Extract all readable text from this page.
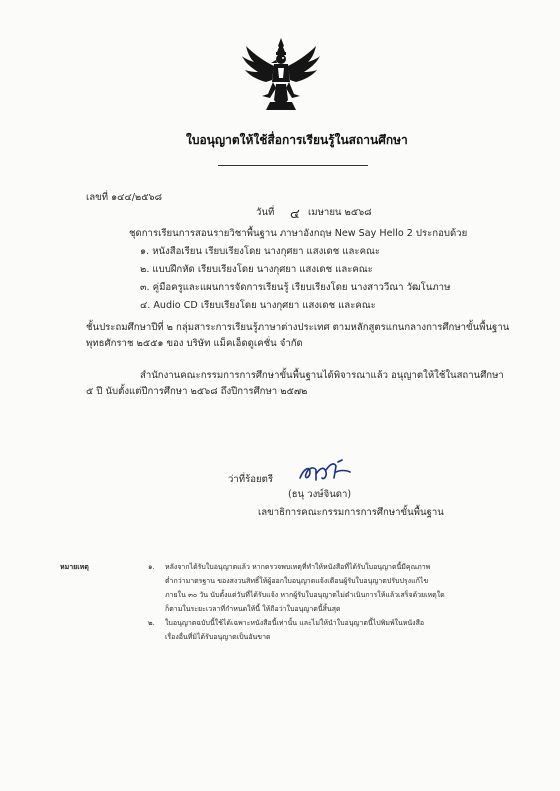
ใบอนุญาตให้ใช้สื่อการเรียนรู้ในสถานศึกษา
เลขที่ ๑๔๔/๒๕๖๘
วันที่ ๔ เมษายน ๒๕๖๘
ชุดการเรียนการสอนรายวิชาพื้นฐาน ภาษาอังกฤษ New Say Hello 2 ประกอบด้วย
๑. หนังสือเรียน เรียบเรียงโดย นางกุศยา แสงเดช และคณะ
๒. แบบฝึกหัด เรียบเรียงโดย นางกุศยา แสงเดช และคณะ
๓. คู่มือครูและแผนการจัดการเรียนรู้ เรียบเรียงโดย นางสาววีณา วัฒโนภาษ
๔. Audio CD เรียบเรียงโดย นางกุศยา แสงเดช และคณะ
ชั้นประถมศึกษาปีที่ ๒ กลุ่มสาระการเรียนรู้ภาษาต่างประเทศ ตามหลักสูตรแกนกลางการศึกษาขั้นพื้นฐาน
พุทธศักราช ๒๕๕๑ ของ บริษัท แม็คเอ็ดดูเคชั่น จำกัด
สำนักงานคณะกรรมการการศึกษาขั้นพื้นฐานได้พิจารณาแล้ว อนุญาตให้ใช้ในสถานศึกษา
๕ ปี นับตั้งแต่ปีการศึกษา ๒๕๖๘ ถึงปีการศึกษา ๒๕๗๒
ว่าที่ร้อยตรี
(ธนุ วงษ์จินดา)
เลขาธิการคณะกรรมการการศึกษาขั้นพื้นฐาน
หมายเหตุ	๑. หลังจากได้รับใบอนุญาตแล้ว หากตรวจพบเหตุที่ทำให้หนังสือที่ได้รับใบอนุญาตนี้มีคุณภาพ
ต่ำกว่ามาตรฐาน ของสงวนสิทธิ์ให้ผู้ออกใบอนุญาตแจ้งเตือนผู้รับใบอนุญาตปรับปรุงแก้ไข
ภายใน ๓๐ วัน นับตั้งแต่วันที่ได้รับแจ้ง หากผู้รับใบอนุญาตไม่ดำเนินการให้แล้วเสร็จด้วยเหตุใด
ก็ตามในระยะเวลาที่กำหนดให้นี้ ให้ถือว่าใบอนุญาตนี้สิ้นสุด
๒. ใบอนุญาตฉบับนี้ใช้ได้เฉพาะหนังสือนี้เท่านั้น และไม่ให้นำใบอนุญาตนี้ไปพิมพ์ในหนังสือ
เรื่องอื่นที่มิได้รับอนุญาตเป็นอันขาด
